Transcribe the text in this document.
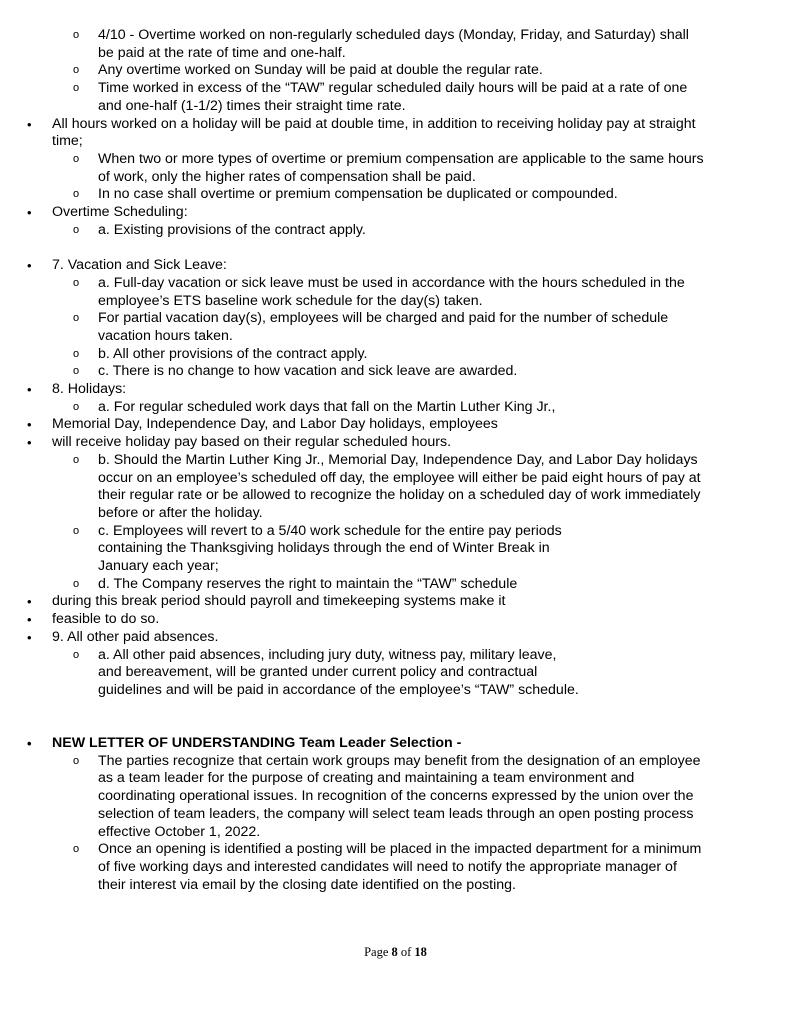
o 4/10 - Overtime worked on non-regularly scheduled days (Monday, Friday, and Saturday) shall
be paid at the rate of time and one-half.
o Any overtime worked on Sunday will be paid at double the regular rate.
o Time worked in excess of the “TAW” regular scheduled daily hours will be paid at a rate of one
and one-half (1-1/2) times their straight time rate.
• All hours worked on a holiday will be paid at double time, in addition to receiving holiday pay at straight
time;
o When two or more types of overtime or premium compensation are applicable to the same hours
of work, only the higher rates of compensation shall be paid.
o In no case shall overtime or premium compensation be duplicated or compounded.
• Overtime Scheduling:
o a. Existing provisions of the contract apply.
• 7. Vacation and Sick Leave:
o a. Full-day vacation or sick leave must be used in accordance with the hours scheduled in the
employee’s ETS baseline work schedule for the day(s) taken.
o For partial vacation day(s), employees will be charged and paid for the number of schedule
vacation hours taken.
o b. All other provisions of the contract apply.
o c. There is no change to how vacation and sick leave are awarded.
• 8. Holidays:
o a. For regular scheduled work days that fall on the Martin Luther King Jr.,
• Memorial Day, Independence Day, and Labor Day holidays, employees
• will receive holiday pay based on their regular scheduled hours.
o b. Should the Martin Luther King Jr., Memorial Day, Independence Day, and Labor Day holidays
occur on an employee’s scheduled off day, the employee will either be paid eight hours of pay at
their regular rate or be allowed to recognize the holiday on a scheduled day of work immediately
before or after the holiday.
o c. Employees will revert to a 5/40 work schedule for the entire pay periods
containing the Thanksgiving holidays through the end of Winter Break in
January each year;
o d. The Company reserves the right to maintain the “TAW” schedule
• during this break period should payroll and timekeeping systems make it
• feasible to do so.
• 9. All other paid absences.
o a. All other paid absences, including jury duty, witness pay, military leave,
and bereavement, will be granted under current policy and contractual
guidelines and will be paid in accordance of the employee’s “TAW” schedule.
• NEW LETTER OF UNDERSTANDING Team Leader Selection -
o The parties recognize that certain work groups may benefit from the designation of an employee
as a team leader for the purpose of creating and maintaining a team environment and
coordinating operational issues. In recognition of the concerns expressed by the union over the
selection of team leaders, the company will select team leads through an open posting process
effective October 1, 2022.
o Once an opening is identified a posting will be placed in the impacted department for a minimum
of five working days and interested candidates will need to notify the appropriate manager of
their interest via email by the closing date identified on the posting.
Page 8 of 18
